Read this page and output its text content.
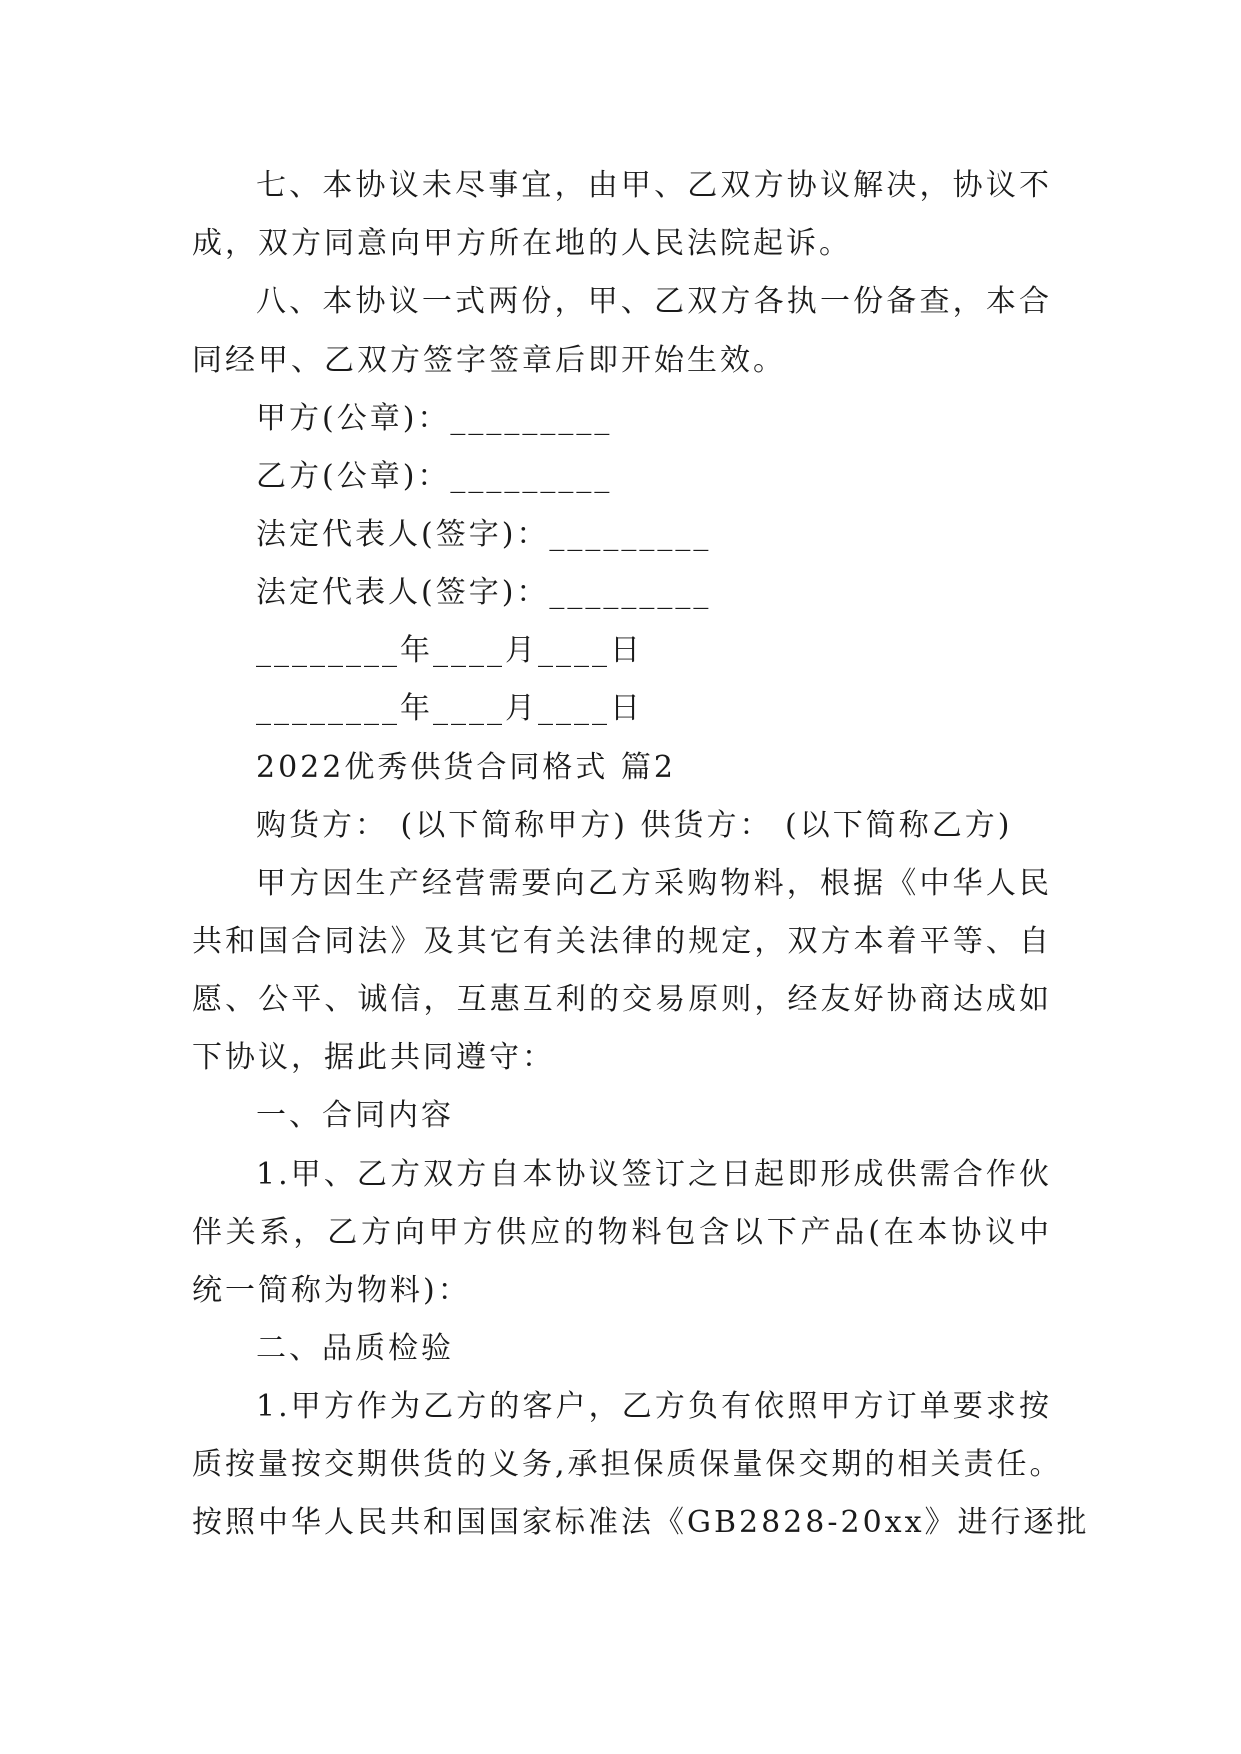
七、本协议未尽事宜，由甲、乙双方协议解决，协议不
成，双方同意向甲方所在地的人民法院起诉。
八、本协议一式两份，甲、乙双方各执一份备查，本合
同经甲、乙双方签字签章后即开始生效。
甲方(公章)：_________
乙方(公章)：_________
法定代表人(签字)：_________
法定代表人(签字)：_________
________年____月____日
________年____月____日
2022优秀供货合同格式 篇2
购货方： (以下简称甲方) 供货方： (以下简称乙方)
甲方因生产经营需要向乙方采购物料，根据《中华人民
共和国合同法》及其它有关法律的规定，双方本着平等、自
愿、公平、诚信，互惠互利的交易原则，经友好协商达成如
下协议，据此共同遵守：
一、合同内容
1.甲、乙方双方自本协议签订之日起即形成供需合作伙
伴关系，乙方向甲方供应的物料包含以下产品(在本协议中
统一简称为物料)：
二、品质检验
1.甲方作为乙方的客户，乙方负有依照甲方订单要求按
质按量按交期供货的义务,承担保质保量保交期的相关责任。
按照中华人民共和国国家标准法《GB2828-20xx》进行逐批
